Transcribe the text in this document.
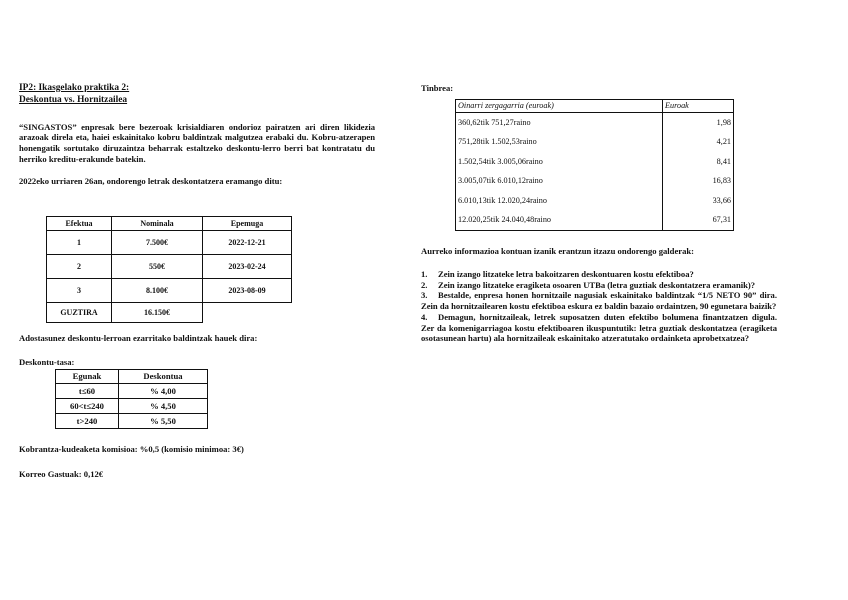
IP2: Ikasgelako praktika 2:
Deskontua vs. Hornitzailea

“SINGASTOS” enpresak bere bezeroak krisialdiaren ondorioz pairatzen ari diren likidezia arazoak direla eta, haiei eskainitako kobru baldintzak malgutzea erabaki du. Kobru-atzerapen honengatik sortutako diruzaintza beharrak estaltzeko deskontu-lerro berri bat kontratatu du herriko kreditu-erakunde batekin.

2022eko urriaren 26an, ondorengo letrak deskontatzera eramango ditu:

Efektua	Nominala	Epemuga
1	7.500€	2022-12-21
2	550€	2023-02-24
3	8.100€	2023-08-09
GUZTIRA	16.150€	

Adostasunez deskontu-lerroan ezarritako baldintzak hauek dira:

Deskontu-tasa:

Egunak	Deskontua
t≤60	% 4,00
60<t≤240	% 4,50
t>240	% 5,50

Kobrantza-kudeaketa komisioa: %0,5 (komisio minimoa: 3€)

Korreo Gastuak: 0,12€

Tinbrea:

Oinarri zergagarria (euroak)	Euroak
360,62tik 751,27raino	1,98
751,28tik 1.502,53raino	4,21
1.502,54tik 3.005,06raino	8,41
3.005,07tik 6.010,12raino	16,83
6.010,13tik 12.020,24raino	33,66
12.020,25tik 24.040,48raino	67,31

Aurreko informazioa kontuan izanik erantzun itzazu ondorengo galderak:

1. Zein izango litzateke letra bakoitzaren deskontuaren kostu efektiboa?

2. Zein izango litzateke eragiketa osoaren UTBa (letra guztiak deskontatzera eramanik)?

3. Bestalde, enpresa honen hornitzaile nagusiak eskainitako baldintzak “1/5 NETO 90” dira. Zein da hornitzailearen kostu efektiboa eskura ez baldin bazaio ordaintzen, 90 egunetara baizik?

4. Demagun, hornitzaileak, letrek suposatzen duten efektibo bolumena finantzatzen digula. Zer da komenigarriagoa kostu efektiboaren ikuspuntutik: letra guztiak deskontatzea (eragiketa osotasunean hartu) ala hornitzaileak eskainitako atzeratutako ordainketa aprobetxatzea?
